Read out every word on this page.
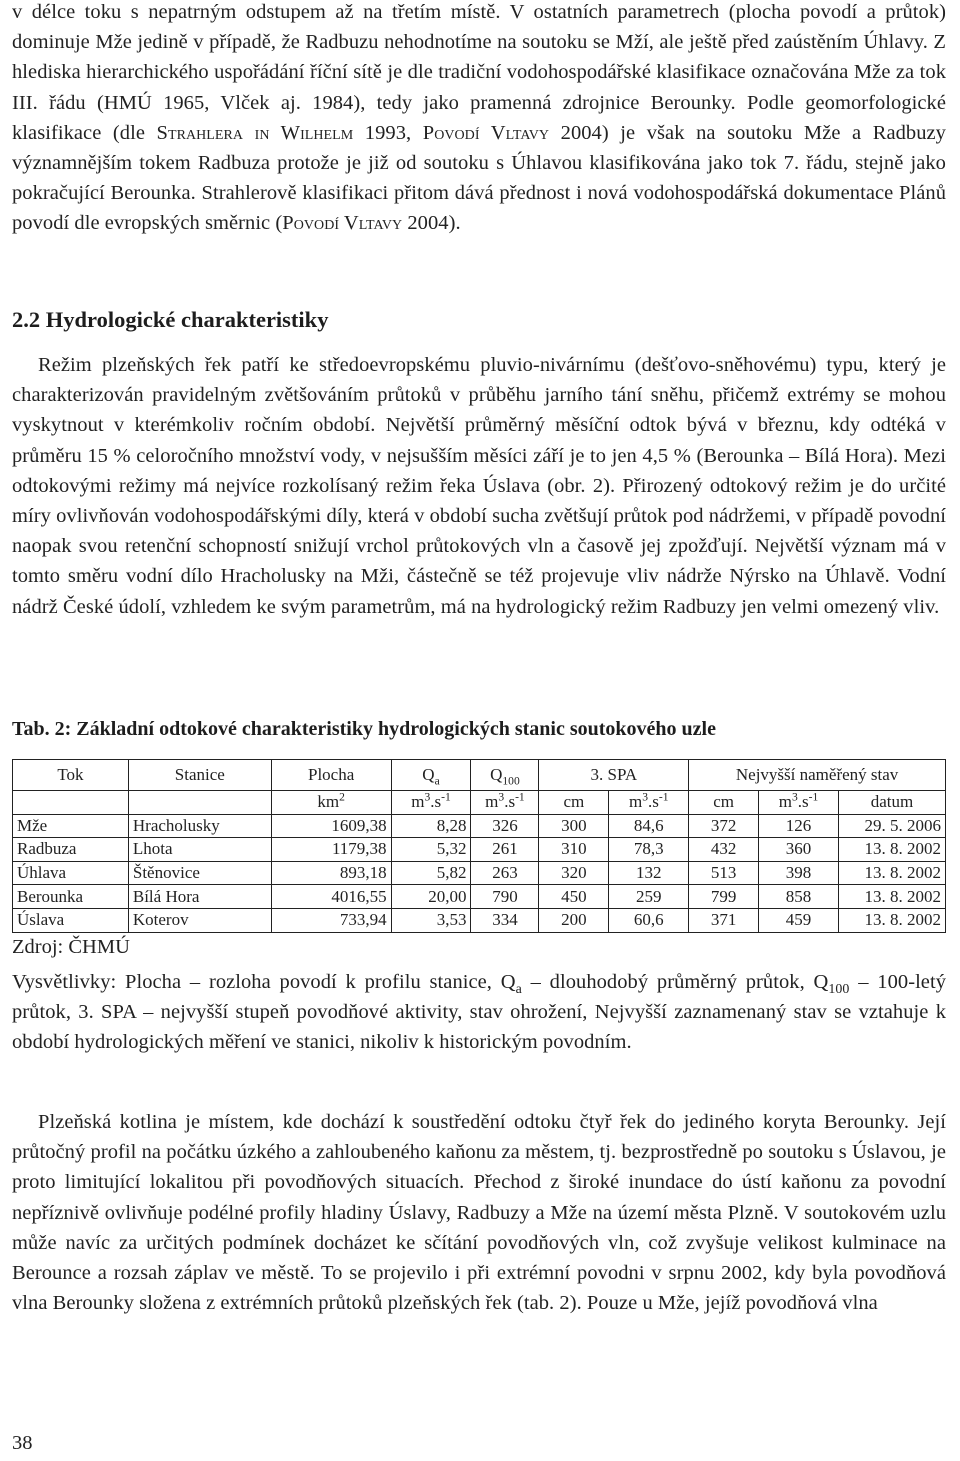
v délce toku s nepatrným odstupem až na třetím místě. V ostatních parametrech (plocha povodí a průtok) dominuje Mže jedině v případě, že Radbuzu nehodnotíme na soutoku se Mží, ale ještě před zaústěním Úhlavy. Z hlediska hierarchického uspořádání říční sítě je dle tradiční vodohospodářské klasifikace označována Mže za tok III. řádu (HMÚ 1965, Vlček aj. 1984), tedy jako pramenná zdrojnice Berounky. Podle geomorfologické klasifikace (dle Strahlera in Wilhelm 1993, Povodí Vltavy 2004) je však na soutoku Mže a Radbuzy významnějším tokem Radbuza protože je již od soutoku s Úhlavou klasifikována jako tok 7. řádu, stejně jako pokračující Berounka. Strahlerově klasifikaci přitom dává přednost i nová vodohospodářská dokumentace Plánů povodí dle evropských směrnic (Povodí Vltavy 2004).

2.2 Hydrologické charakteristiky

Režim plzeňských řek patří ke středoevropskému pluvio-nivárnímu (dešťovo-sněhovému) typu, který je charakterizován pravidelným zvětšováním průtoků v průběhu jarního tání sněhu, přičemž extrémy se mohou vyskytnout v kterémkoliv ročním období. Největší průměrný měsíční odtok bývá v březnu, kdy odtéká v průměru 15 % celoročního množství vody, v nejsušším měsíci září je to jen 4,5 % (Berounka – Bílá Hora). Mezi odtokovými režimy má nejvíce rozkolísaný režim řeka Úslava (obr. 2). Přirozený odtokový režim je do určité míry ovlivňován vodohospodářskými díly, která v období sucha zvětšují průtok pod nádržemi, v případě povodní naopak svou retenční schopností snižují vrchol průtokových vln a časově jej zpožďují. Největší význam má v tomto směru vodní dílo Hracholusky na Mži, částečně se též projevuje vliv nádrže Nýrsko na Úhlavě. Vodní nádrž České údolí, vzhledem ke svým parametrům, má na hydrologický režim Radbuzy jen velmi omezený vliv.

Tab. 2: Základní odtokové charakteristiky hydrologických stanic soutokového uzle

Tok	Stanice	Plocha	$Q_a$	$Q_{100}$	3. SPA		Nejvyšší naměřený stav		
		$km^2$	$m^3.s^{-1}$	$m^3.s^{-1}$	cm	$m^3.s^{-1}$	cm	$m^3.s^{-1}$	datum
Mže	Hracholusky	1609,38	8,28	326	300	84,6	372	126	29. 5. 2006
Radbuza	Lhota	1179,38	5,32	261	310	78,3	432	360	13. 8. 2002
Úhlava	Štěnovice	893,18	5,82	263	320	132	513	398	13. 8. 2002
Berounka	Bílá Hora	4016,55	20,00	790	450	259	799	858	13. 8. 2002
Úslava	Koterov	733,94	3,53	334	200	60,6	371	459	13. 8. 2002

Zdroj: ČHMÚ

Vysvětlivky: Plocha – rozloha povodí k profilu stanice, $Q_a$ – dlouhodobý průměrný průtok, $Q_{100}$ – 100-letý průtok, 3. SPA – nejvyšší stupeň povodňové aktivity, stav ohrožení, Nejvyšší zaznamenaný stav se vztahuje k období hydrologických měření ve stanici, nikoliv k historickým povodním.

Plzeňská kotlina je místem, kde dochází k soustředění odtoku čtyř řek do jediného koryta Berounky. Její průtočný profil na počátku úzkého a zahloubeného kaňonu za městem, tj. bezprostředně po soutoku s Úslavou, je proto limitující lokalitou při povodňových situacích. Přechod z široké inundace do ústí kaňonu za povodní nepříznivě ovlivňuje podélné profily hladiny Úslavy, Radbuzy a Mže na území města Plzně. V soutokovém uzlu může navíc za určitých podmínek docházet ke sčítání povodňových vln, což zvyšuje velikost kulminace na Berounce a rozsah záplav ve městě. To se projevilo i při extrémní povodni v srpnu 2002, kdy byla povodňová vlna Berounky složena z extrémních průtoků plzeňských řek (tab. 2). Pouze u Mže, jejíž povodňová vlna

38
